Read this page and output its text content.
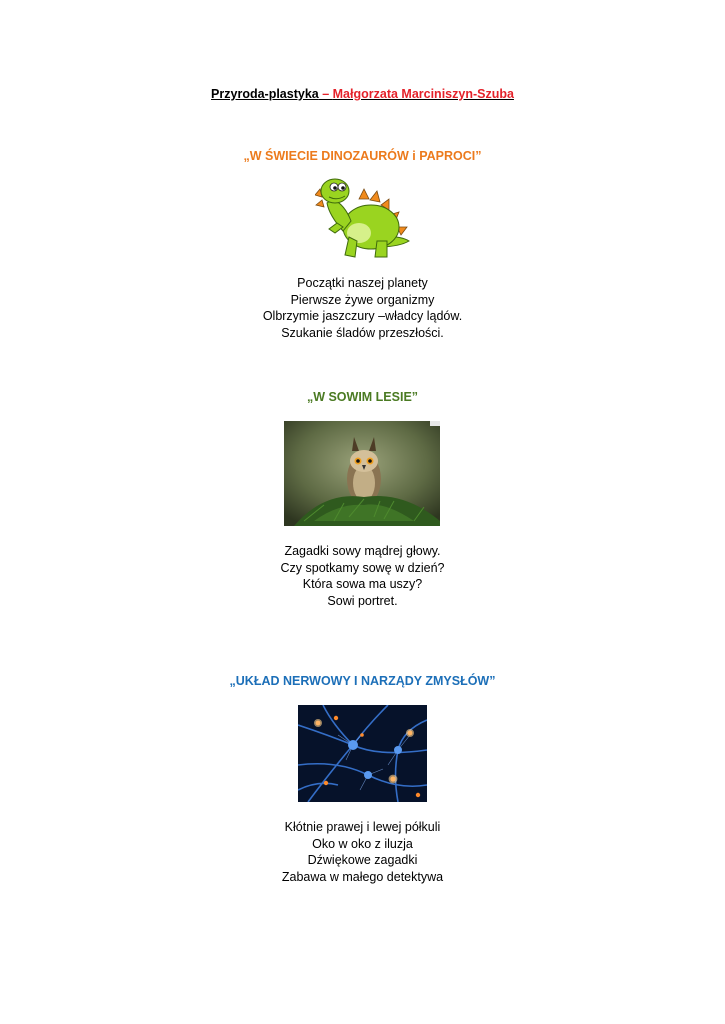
Przyroda-plastyka – Małgorzata Marciniszyn-Szuba
„W ŚWIECIE DINOZAURÓW i PAPROCI”
Początki naszej planety
Pierwsze żywe organizmy
Olbrzymie jaszczury –władcy lądów.
Szukanie śladów przeszłości.
„W SOWIM LESIE”
Zagadki sowy mądrej głowy.
Czy spotkamy sowę w dzień?
Która sowa ma uszy?
Sowi portret.
„UKŁAD NERWOWY I NARZĄDY ZMYSŁÓW”
Kłótnie prawej i lewej półkuli
Oko w oko z iluzja
Dźwiękowe zagadki
Zabawa w małego detektywa
